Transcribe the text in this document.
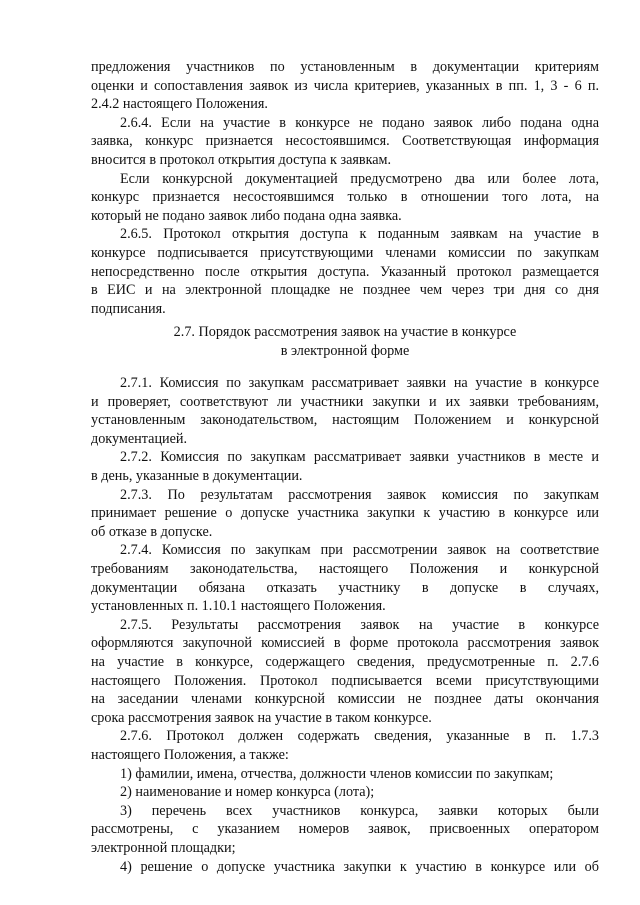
предложения участников по установленным в документации критериям
оценки и сопоставления заявок из числа критериев, указанных в пп. 1, 3 - 6 п.
2.4.2 настоящего Положения.
2.6.4. Если на участие в конкурсе не подано заявок либо подана одна
заявка, конкурс признается несостоявшимся. Соответствующая информация
вносится в протокол открытия доступа к заявкам.
Если конкурсной документацией предусмотрено два или более лота,
конкурс признается несостоявшимся только в отношении того лота, на
который не подано заявок либо подана одна заявка.
2.6.5. Протокол открытия доступа к поданным заявкам на участие в
конкурсе подписывается присутствующими членами комиссии по закупкам
непосредственно после открытия доступа. Указанный протокол размещается
в ЕИС и на электронной площадке не позднее чем через три дня со дня
подписания.
2.7. Порядок рассмотрения заявок на участие в конкурсе
в электронной форме
2.7.1. Комиссия по закупкам рассматривает заявки на участие в конкурсе
и проверяет, соответствуют ли участники закупки и их заявки требованиям,
установленным законодательством, настоящим Положением и конкурсной
документацией.
2.7.2. Комиссия по закупкам рассматривает заявки участников в месте и
в день, указанные в документации.
2.7.3. По результатам рассмотрения заявок комиссия по закупкам
принимает решение о допуске участника закупки к участию в конкурсе или
об отказе в допуске.
2.7.4. Комиссия по закупкам при рассмотрении заявок на соответствие
требованиям законодательства, настоящего Положения и конкурсной
документации обязана отказать участнику в допуске в случаях,
установленных п. 1.10.1 настоящего Положения.
2.7.5. Результаты рассмотрения заявок на участие в конкурсе
оформляются закупочной комиссией в форме протокола рассмотрения заявок
на участие в конкурсе, содержащего сведения, предусмотренные п. 2.7.6
настоящего Положения. Протокол подписывается всеми присутствующими
на заседании членами конкурсной комиссии не позднее даты окончания
срока рассмотрения заявок на участие в таком конкурсе.
2.7.6. Протокол должен содержать сведения, указанные в п. 1.7.3
настоящего Положения, а также:
1) фамилии, имена, отчества, должности членов комиссии по закупкам;
2) наименование и номер конкурса (лота);
3) перечень всех участников конкурса, заявки которых были
рассмотрены, с указанием номеров заявок, присвоенных оператором
электронной площадки;
4) решение о допуске участника закупки к участию в конкурсе или об
